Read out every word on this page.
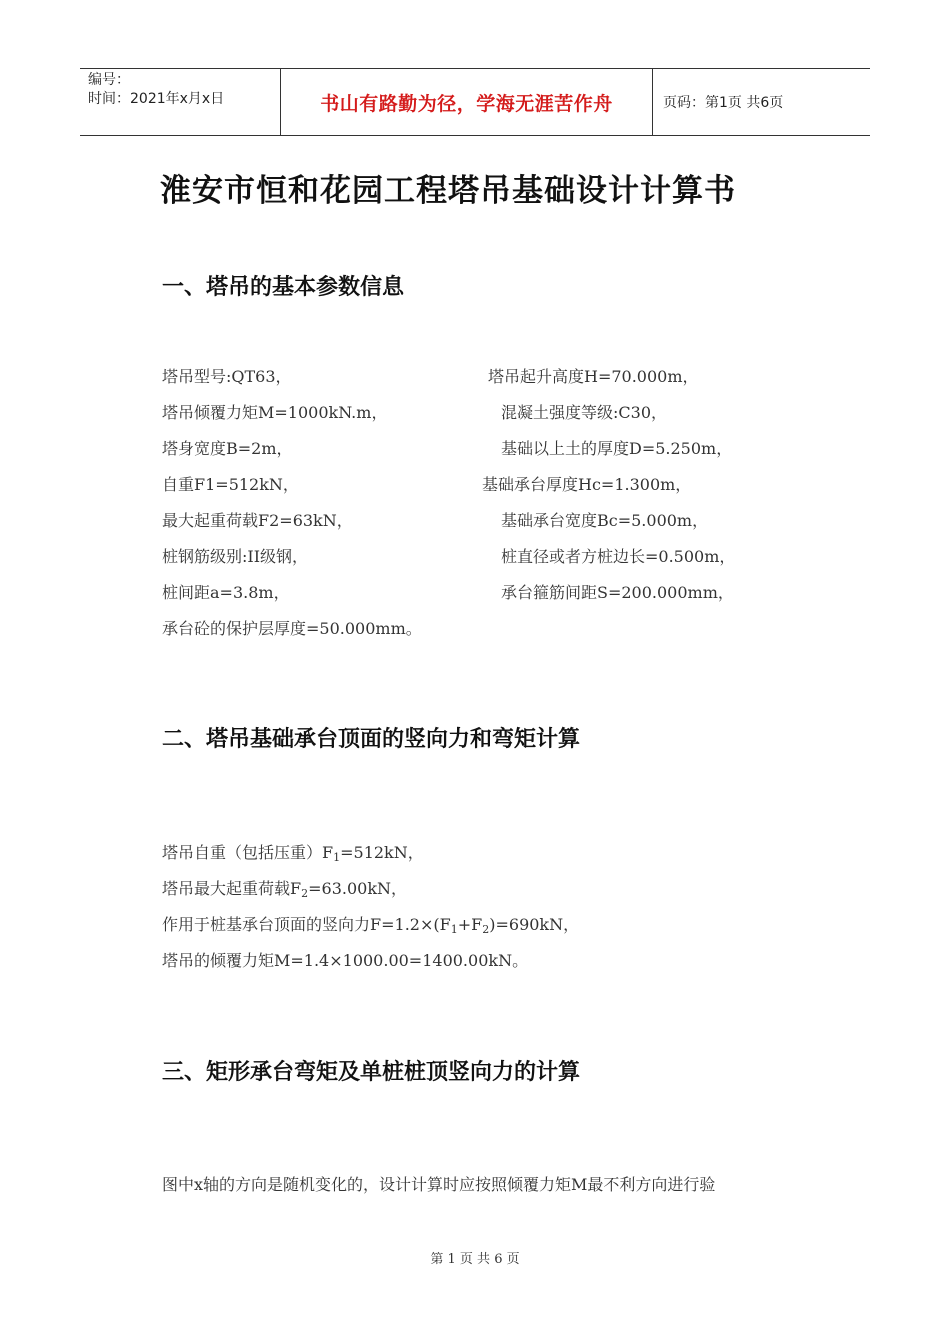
编号：
时间：2021年x月x日	书山有路勤为径，学海无涯苦作舟	页码：第1页 共6页
淮安市恒和花园工程塔吊基础设计计算书
一、塔吊的基本参数信息
塔吊型号:QT63，
塔吊倾覆力矩M=1000kN.m，
塔身宽度B=2m，
自重F1=512kN，
最大起重荷载F2=63kN，
桩钢筋级别:II级钢，
桩间距a=3.8m，
承台砼的保护层厚度=50.000mm。
塔吊起升高度H=70.000m，
混凝土强度等级:C30，
基础以上土的厚度D=5.250m，
基础承台厚度Hc=1.300m，
基础承台宽度Bc=5.000m，
桩直径或者方桩边长=0.500m，
承台箍筋间距S=200.000mm，
二、塔吊基础承台顶面的竖向力和弯矩计算
塔吊自重（包括压重）$F_1=512kN$，
塔吊最大起重荷载$F_2=63.00kN$，
作用于桩基承台顶面的竖向力$F=1.2\times(F_1+F_2)=690kN$，
塔吊的倾覆力矩M=1.4×1000.00=1400.00kN。
三、矩形承台弯矩及单桩桩顶竖向力的计算
图中x轴的方向是随机变化的，设计计算时应按照倾覆力矩M最不利方向进行验
第 1 页 共 6 页
